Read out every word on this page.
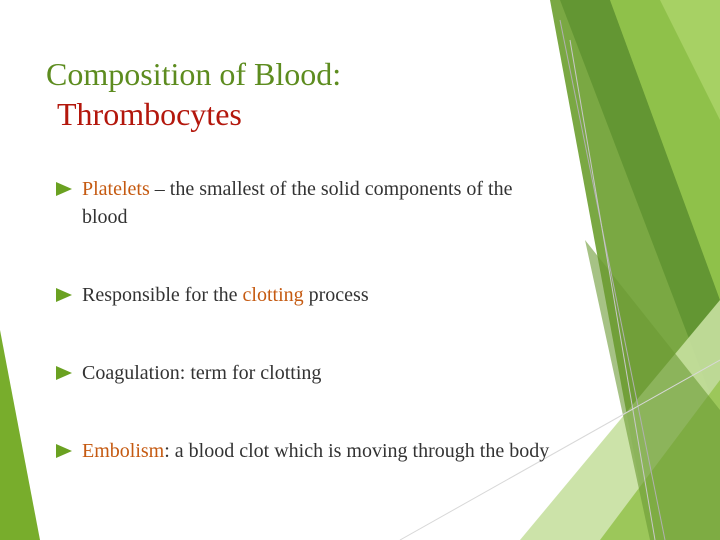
Composition of Blood:
Thrombocytes
Platelets – the smallest of the solid components of the blood
Responsible for the clotting process
Coagulation: term for clotting
Embolism: a blood clot which is moving through the body
